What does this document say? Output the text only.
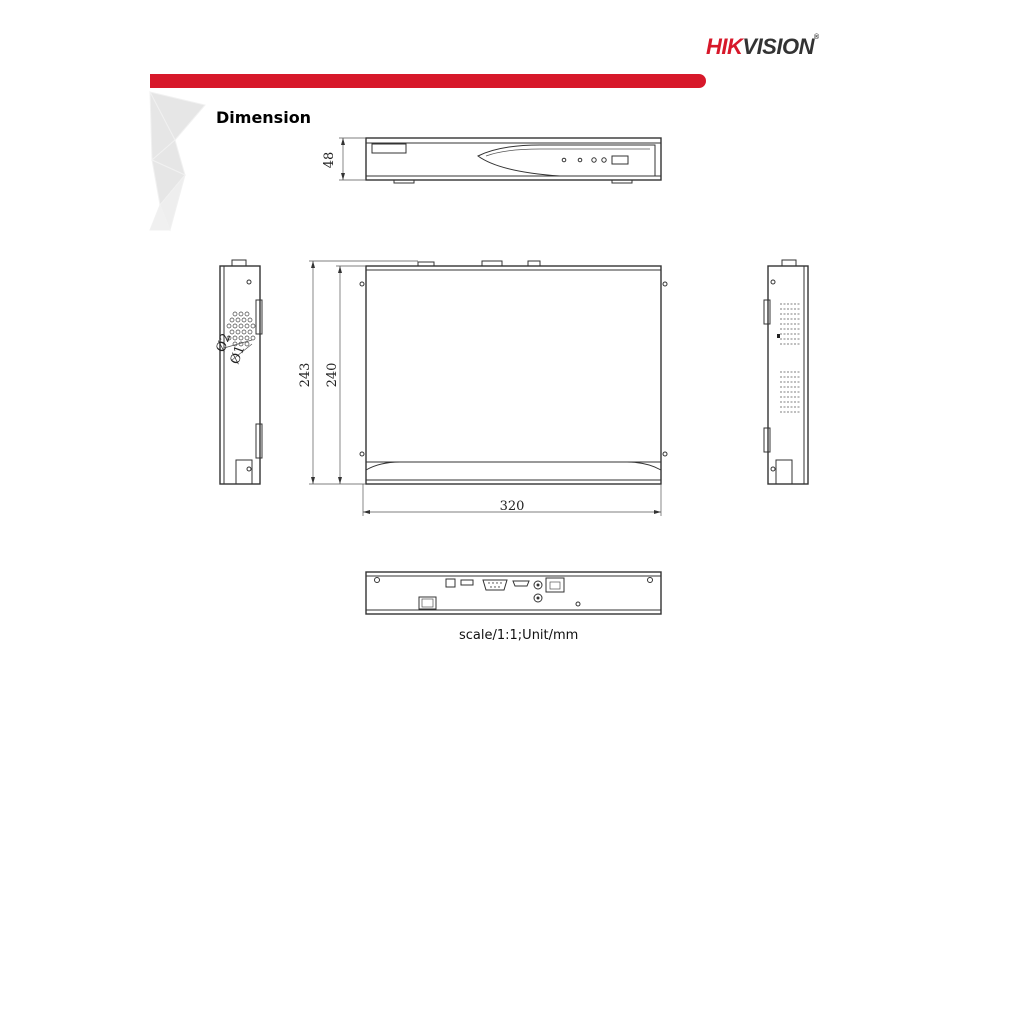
HIKVISION®
48
Ø2
Ø1
243 240
320
Dimension
scale/1:1;Unit/mm
